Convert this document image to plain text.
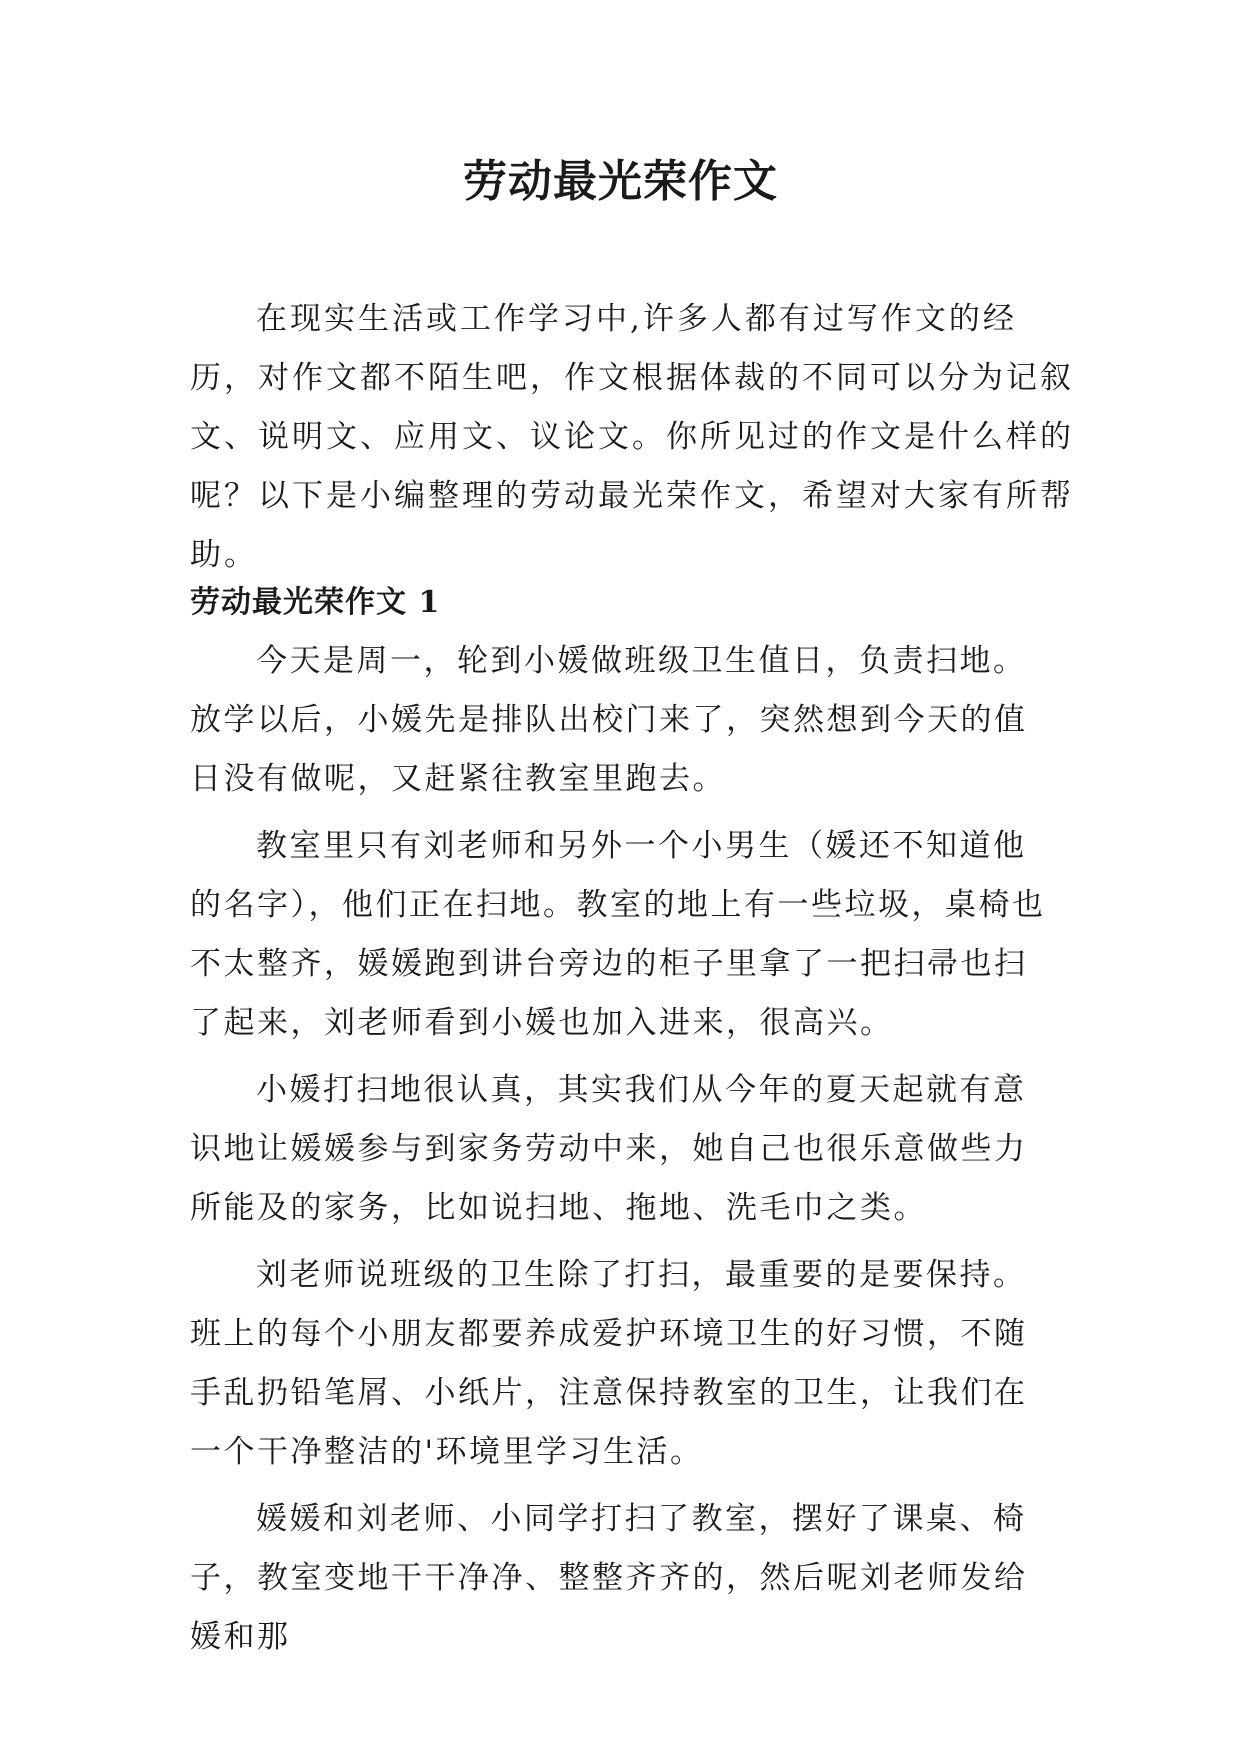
劳动最光荣作文

在现实生活或工作学习中,许多人都有过写作文的经历，对作文都不陌生吧，作文根据体裁的不同可以分为记叙文、说明文、应用文、议论文。你所见过的作文是什么样的呢？以下是小编整理的劳动最光荣作文，希望对大家有所帮助。

劳动最光荣作文 1

今天是周一，轮到小媛做班级卫生值日，负责扫地。放学以后，小媛先是排队出校门来了，突然想到今天的值日没有做呢，又赶紧往教室里跑去。

教室里只有刘老师和另外一个小男生（媛还不知道他的名字），他们正在扫地。教室的地上有一些垃圾，桌椅也不太整齐，媛媛跑到讲台旁边的柜子里拿了一把扫帚也扫了起来，刘老师看到小媛也加入进来，很高兴。

小媛打扫地很认真，其实我们从今年的夏天起就有意识地让媛媛参与到家务劳动中来，她自己也很乐意做些力所能及的家务，比如说扫地、拖地、洗毛巾之类。

刘老师说班级的卫生除了打扫，最重要的是要保持。班上的每个小朋友都要养成爱护环境卫生的好习惯，不随手乱扔铅笔屑、小纸片，注意保持教室的卫生，让我们在一个干净整洁的'环境里学习生活。

媛媛和刘老师、小同学打扫了教室，摆好了课桌、椅子，教室变地干干净净、整整齐齐的，然后呢刘老师发给媛和那
